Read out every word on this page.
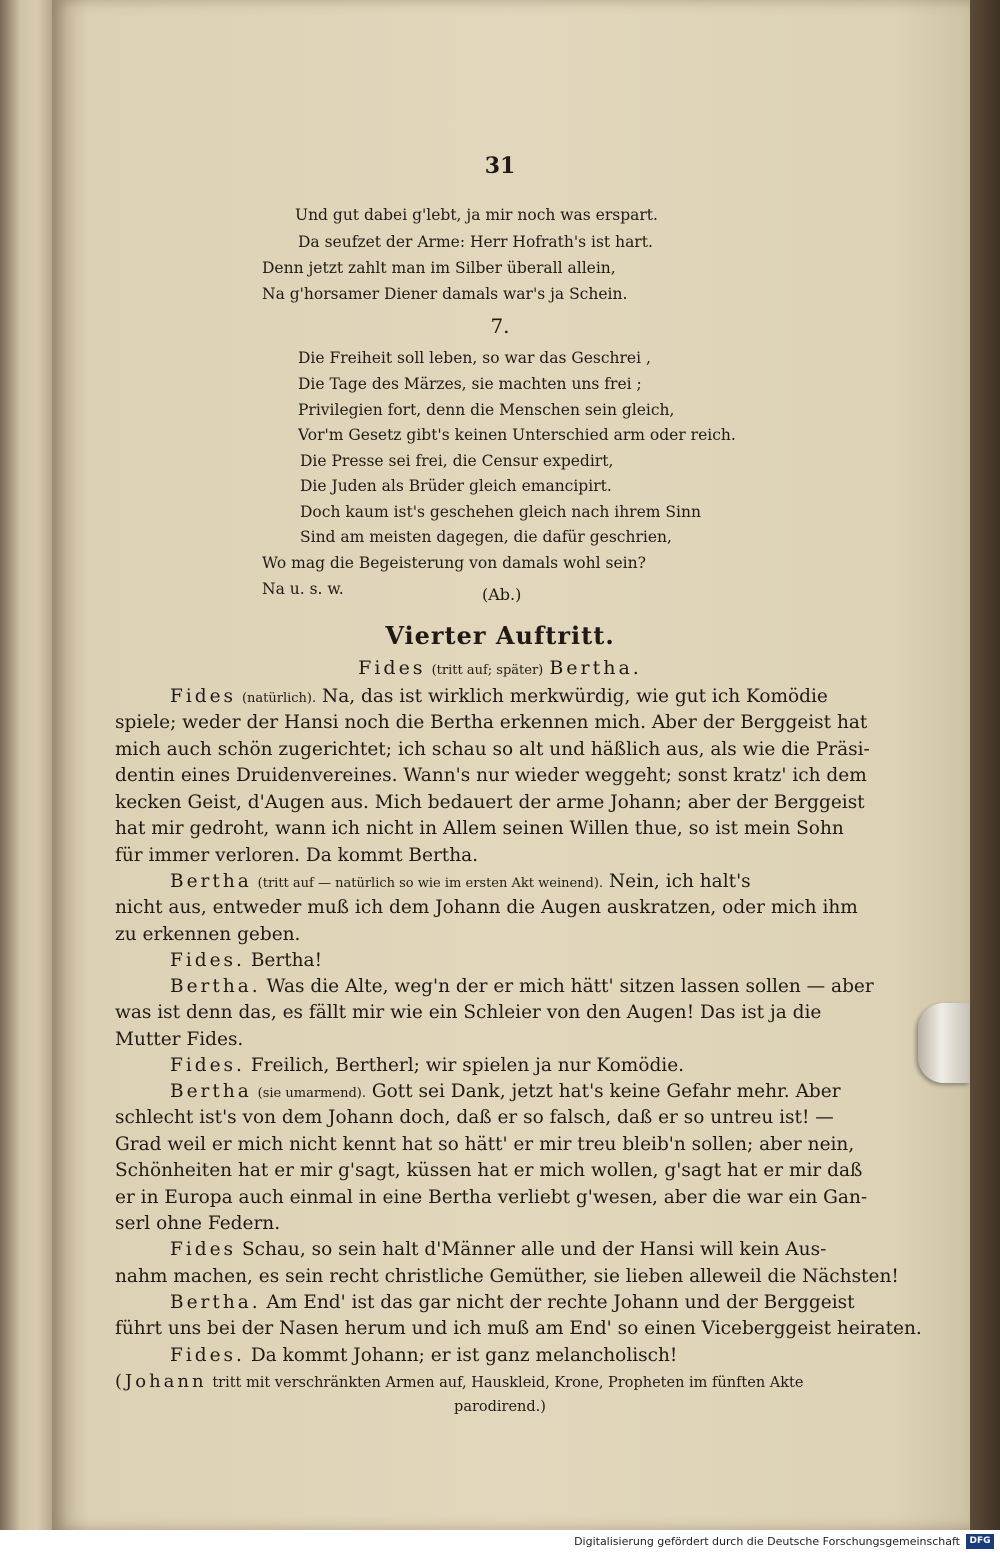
31
Und gut dabei g'lebt, ja mir noch was erspart.
Da seufzet der Arme: Herr Hofrath's ist hart.
Denn jetzt zahlt man im Silber überall allein,
Na g'horsamer Diener damals war's ja Schein.
7.
Die Freiheit soll leben, so war das Geschrei ,
Die Tage des Märzes, sie machten uns frei ;
Privilegien fort, denn die Menschen sein gleich,
Vor'm Gesetz gibt's keinen Unterschied arm oder reich.
Die Presse sei frei, die Censur expedirt,
Die Juden als Brüder gleich emancipirt.
Doch kaum ist's geschehen gleich nach ihrem Sinn
Sind am meisten dagegen, die dafür geschrien,
Wo mag die Begeisterung von damals wohl sein?
Na u. s. w.	(Ab.)
Vierter Auftritt.
Fides (tritt auf; später) Bertha.
Fides (natürlich). Na, das ist wirklich merkwürdig, wie gut ich Komödie
spiele; weder der Hansi noch die Bertha erkennen mich. Aber der Berggeist hat
mich auch schön zugerichtet; ich schau so alt und häßlich aus, als wie die Präsi-
dentin eines Druidenvereines. Wann's nur wieder weggeht; sonst kratz' ich dem
kecken Geist, d'Augen aus. Mich bedauert der arme Johann; aber der Berggeist
hat mir gedroht, wann ich nicht in Allem seinen Willen thue, so ist mein Sohn
für immer verloren. Da kommt Bertha.
Bertha (tritt auf — natürlich so wie im ersten Akt weinend). Nein, ich halt's
nicht aus, entweder muß ich dem Johann die Augen auskratzen, oder mich ihm
zu erkennen geben.
Fides. Bertha!
Bertha. Was die Alte, weg'n der er mich hätt' sitzen lassen sollen — aber
was ist denn das, es fällt mir wie ein Schleier von den Augen! Das ist ja die
Mutter Fides.
Fides. Freilich, Bertherl; wir spielen ja nur Komödie.
Bertha (sie umarmend). Gott sei Dank, jetzt hat's keine Gefahr mehr. Aber
schlecht ist's von dem Johann doch, daß er so falsch, daß er so untreu ist! —
Grad weil er mich nicht kennt hat so hätt' er mir treu bleib'n sollen; aber nein,
Schönheiten hat er mir g'sagt, küssen hat er mich wollen, g'sagt hat er mir daß
er in Europa auch einmal in eine Bertha verliebt g'wesen, aber die war ein Gan-
serl ohne Federn.
Fides Schau, so sein halt d'Männer alle und der Hansi will kein Aus-
nahm machen, es sein recht christliche Gemüther, sie lieben alleweil die Nächsten!
Bertha. Am End' ist das gar nicht der rechte Johann und der Berggeist
führt uns bei der Nasen herum und ich muß am End' so einen Viceberggeist heiraten.
Fides. Da kommt Johann; er ist ganz melancholisch!
(Johann tritt mit verschränkten Armen auf, Hauskleid, Krone, Propheten im fünften Akte
parodirend.)
Digitalisierung gefördert durch die Deutsche Forschungsgemeinschaft	DFG
